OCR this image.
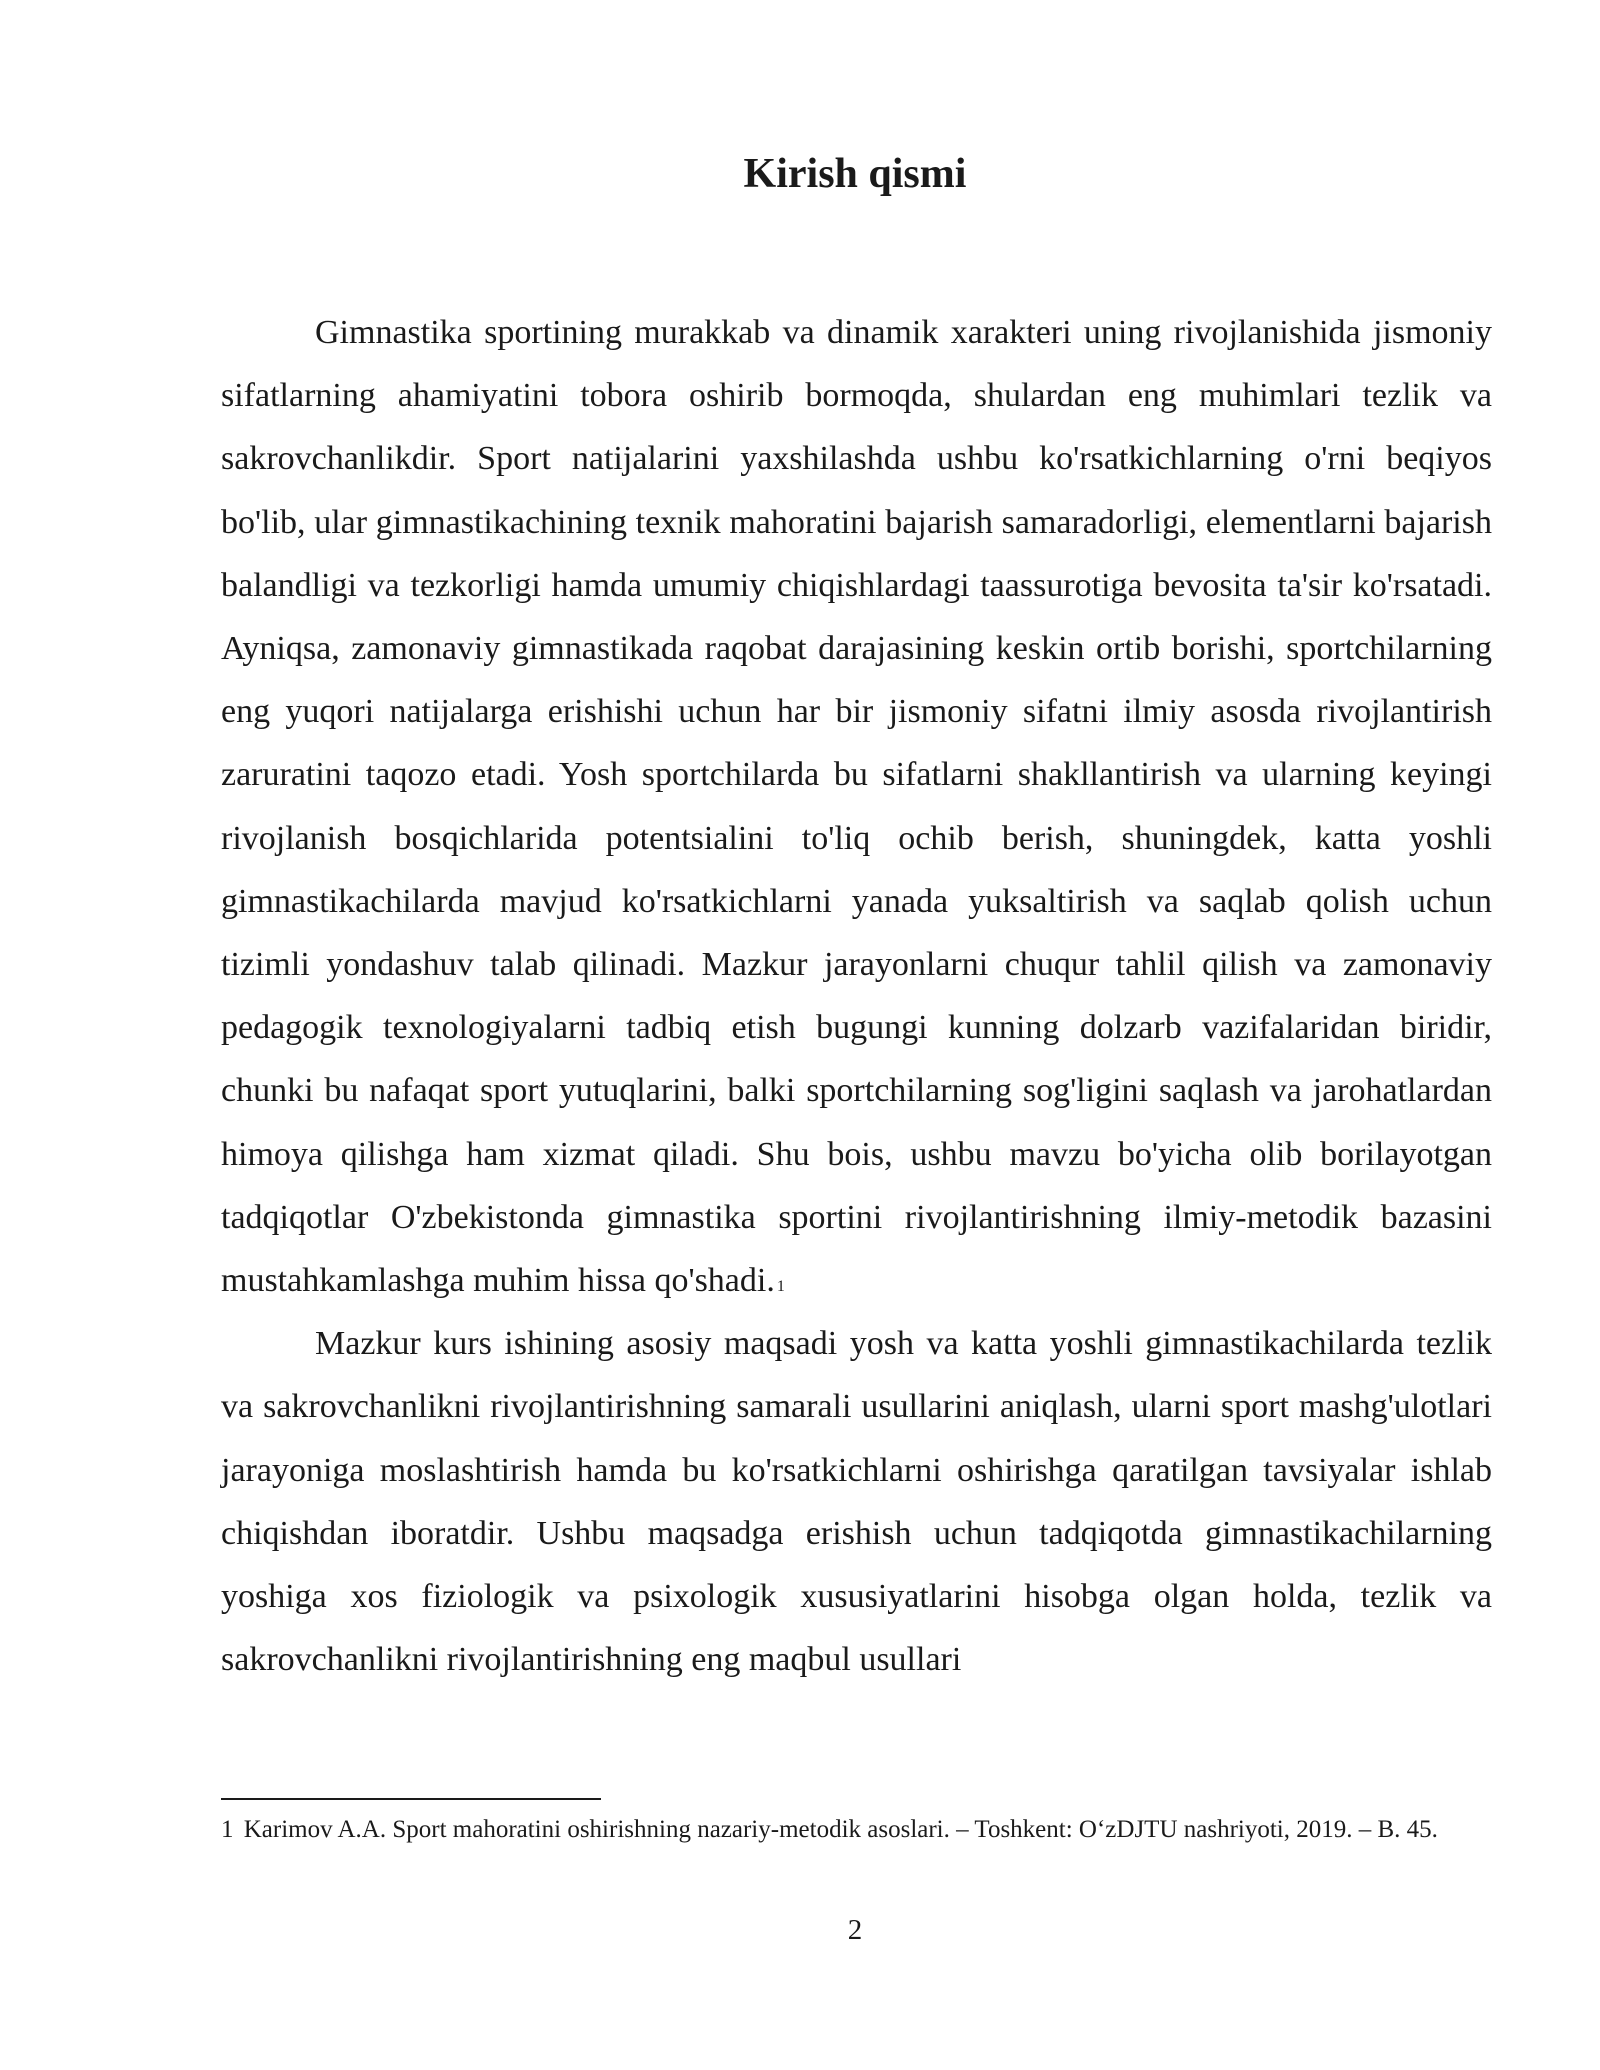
Kirish qismi

Gimnastika sportining murakkab va dinamik xarakteri uning rivojlanishida jismoniy sifatlarning ahamiyatini tobora oshirib bormoqda, shulardan eng muhimlari tezlik va sakrovchanlikdir. Sport natijalarini yaxshilashda ushbu ko'rsatkichlarning o'rni beqiyos bo'lib, ular gimnastikachining texnik mahoratini bajarish samaradorligi, elementlarni bajarish balandligi va tezkorligi hamda umumiy chiqishlardagi taassurotiga bevosita ta'sir ko'rsatadi. Ayniqsa, zamonaviy gimnastikada raqobat darajasining keskin ortib borishi, sportchilarning eng yuqori natijalarga erishishi uchun har bir jismoniy sifatni ilmiy asosda rivojlantirish zaruratini taqozo etadi. Yosh sportchilarda bu sifatlarni shakllantirish va ularning keyingi rivojlanish bosqichlarida potentsialini to'liq ochib berish, shuningdek, katta yoshli gimnastikachilarda mavjud ko'rsatkichlarni yanada yuksaltirish va saqlab qolish uchun tizimli yondashuv talab qilinadi. Mazkur jarayonlarni chuqur tahlil qilish va zamonaviy pedagogik texnologiyalarni tadbiq etish bugungi kunning dolzarb vazifalaridan biridir, chunki bu nafaqat sport yutuqlarini, balki sportchilarning sog'ligini saqlash va jarohatlardan himoya qilishga ham xizmat qiladi. Shu bois, ushbu mavzu bo'yicha olib borilayotgan tadqiqotlar O'zbekistonda gimnastika sportini rivojlantirishning ilmiy-metodik bazasini mustahkamlashga muhim hissa qo'shadi. $^1$

Mazkur kurs ishining asosiy maqsadi yosh va katta yoshli gimnastikachilarda tezlik va sakrovchanlikni rivojlantirishning samarali usullarini aniqlash, ularni sport mashg'ulotlari jarayoniga moslashtirish hamda bu ko'rsatkichlarni oshirishga qaratilgan tavsiyalar ishlab chiqishdan iboratdir. Ushbu maqsadga erishish uchun tadqiqotda gimnastikachilarning yoshiga xos fiziologik va psixologik xususiyatlarini hisobga olgan holda, tezlik va sakrovchanlikni rivojlantirishning eng maqbul usullari

1 Karimov A.A. Sport mahoratini oshirishning nazariy-metodik asoslari. – Toshkent: O‘zDJTU nashriyoti, 2019. – B. 45.
2
